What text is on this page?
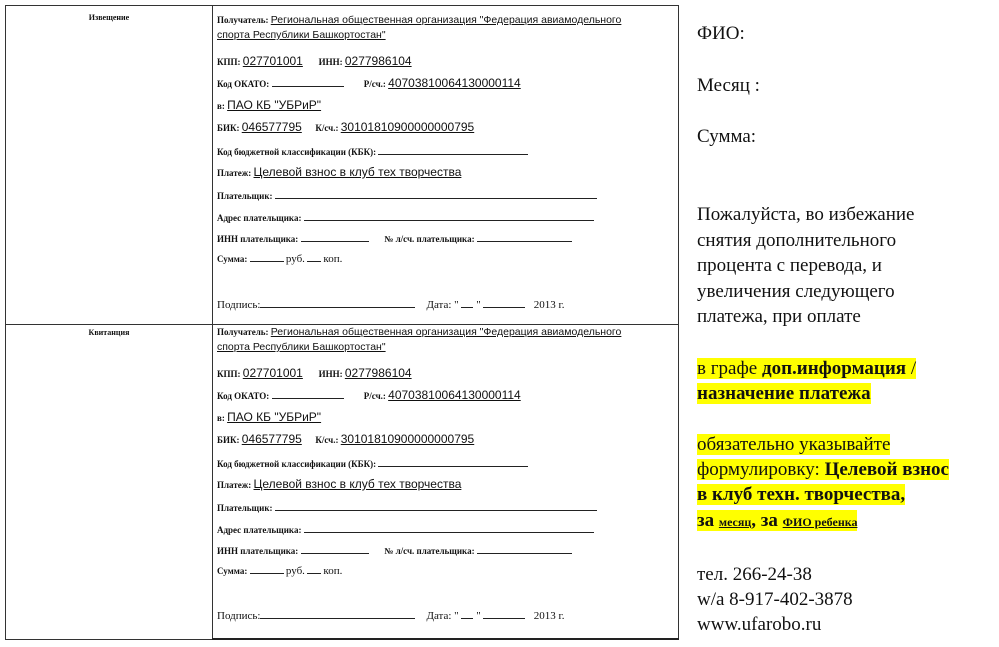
Извещение
Квитанция
Получатель: Региональная общественная организация "Федерация авиамодельного
спорта Республики Башкортостан"
КПП: 027701001 ИНН: 0277986104
Код ОКАТО:	Р/сч.: 40703810064130000114
в: ПАО КБ "УБРиР"
БИК: 046577795 К/сч.: 30101810900000000795
Код бюджетной классификации (КБК):
Платеж: Целевой взнос в клуб тех творчества
Плательщик:
Адрес плательщика:
ИНН плательщика:	№ л/сч. плательщика:
Сумма:	руб. коп.
Подпись:	Дата: " "	2013 г.
Получатель: Региональная общественная организация "Федерация авиамодельного
спорта Республики Башкортостан"
КПП: 027701001 ИНН: 0277986104
Код ОКАТО:	Р/сч.: 40703810064130000114
в: ПАО КБ "УБРиР"
БИК: 046577795 К/сч.: 30101810900000000795
Код бюджетной классификации (КБК):
Платеж: Целевой взнос в клуб тех творчества
Плательщик:
Адрес плательщика:
ИНН плательщика:	№ л/сч. плательщика:
Сумма:	руб. коп.
Подпись:	Дата: " "	2013 г.
ФИО:
Месяц :
Сумма:
Пожалуйста, во избежание
снятия дополнительного
процента с перевода, и
увеличения следующего
платежа, при оплате
в графе доп.информация /
назначение платежа
обязательно указывайте
формулировку: Целевой взнос
в клуб техн. творчества,
за месяц, за ФИО ребенка
тел. 266-24-38
w/a 8-917-402-3878
www.ufarobo.ru
